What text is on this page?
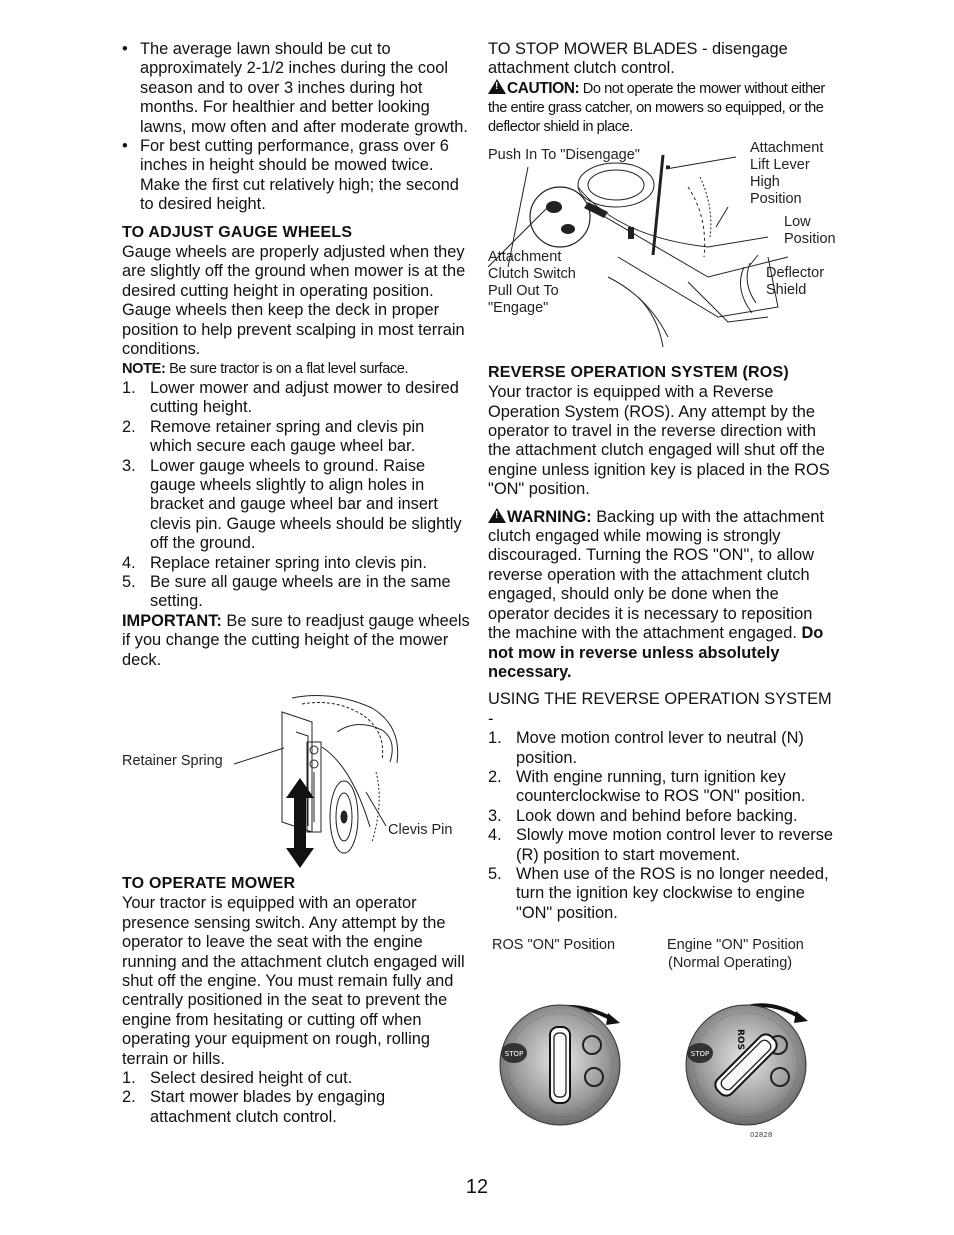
• The average lawn should be cut to approximately 2-1/2 inches during the cool season and to over 3 inches during hot months. For healthier and better looking lawns, mow often and after moderate growth.
• For best cutting performance, grass over 6 inches in height should be mowed twice. Make the first cut relatively high; the second to desired height.
TO ADJUST GAUGE WHEELS

Gauge wheels are properly adjusted when they are slightly off the ground when mower is at the desired cutting height in operating position. Gauge wheels then keep the deck in proper position to help prevent scalping in most terrain conditions.

NOTE: Be sure tractor is on a flat level surface.

1. Lower mower and adjust mower to desired cutting height.
2. Remove retainer spring and clevis pin which secure each gauge wheel bar.
3. Lower gauge wheels to ground. Raise gauge wheels slightly to align holes in bracket and gauge wheel bar and insert clevis pin. Gauge wheels should be slightly off the ground.
4. Replace retainer spring into clevis pin.
5. Be sure all gauge wheels are in the same setting.

IMPORTANT: Be sure to readjust gauge wheels if you change the cutting height of the mower deck.

Retainer Spring
Clevis Pin
TO OPERATE MOWER

Your tractor is equipped with an operator presence sensing switch. Any attempt by the operator to leave the seat with the engine running and the attachment clutch engaged will shut off the engine. You must remain fully and centrally positioned in the seat to prevent the engine from hesitating or cutting off when operating your equipment on rough, rolling terrain or hills.

1. Select desired height of cut.
2. Start mower blades by engaging attachment clutch control.

TO STOP MOWER BLADES - disengage attachment clutch control.

!CAUTION: Do not operate the mower without either the entire grass catcher, on mowers so equipped, or the deflector shield in place.

Push In To "Disengage"	Attachment Lift Lever
High Position
Low Position
Attachment Clutch Switch Pull Out To "Engage"
Deflector Shield
REVERSE OPERATION SYSTEM (ROS)

Your tractor is equipped with a Reverse Operation System (ROS). Any attempt by the operator to travel in the reverse direction with the attachment clutch engaged will shut off the engine unless ignition key is placed in the ROS "ON" position.

!WARNING: Backing up with the attachment clutch engaged while mowing is strongly discouraged. Turning the ROS "ON", to allow reverse operation with the attachment clutch engaged, should only be done when the operator decides it is necessary to reposition the machine with the attachment engaged. Do not mow in reverse unless absolutely necessary.

USING THE REVERSE OPERATION SYSTEM -

1. Move motion control lever to neutral (N) position.
2. With engine running, turn ignition key counterclockwise to ROS "ON" position.
3. Look down and behind before backing.
4. Slowly move motion control lever to reverse (R) position to start movement.
5. When use of the ROS is no longer needed, turn the ignition key clockwise to engine "ON" position.
ROS "ON" Position	Engine "ON" Position
(Normal Operating)
STOP	STOP
ROS
02828
12
